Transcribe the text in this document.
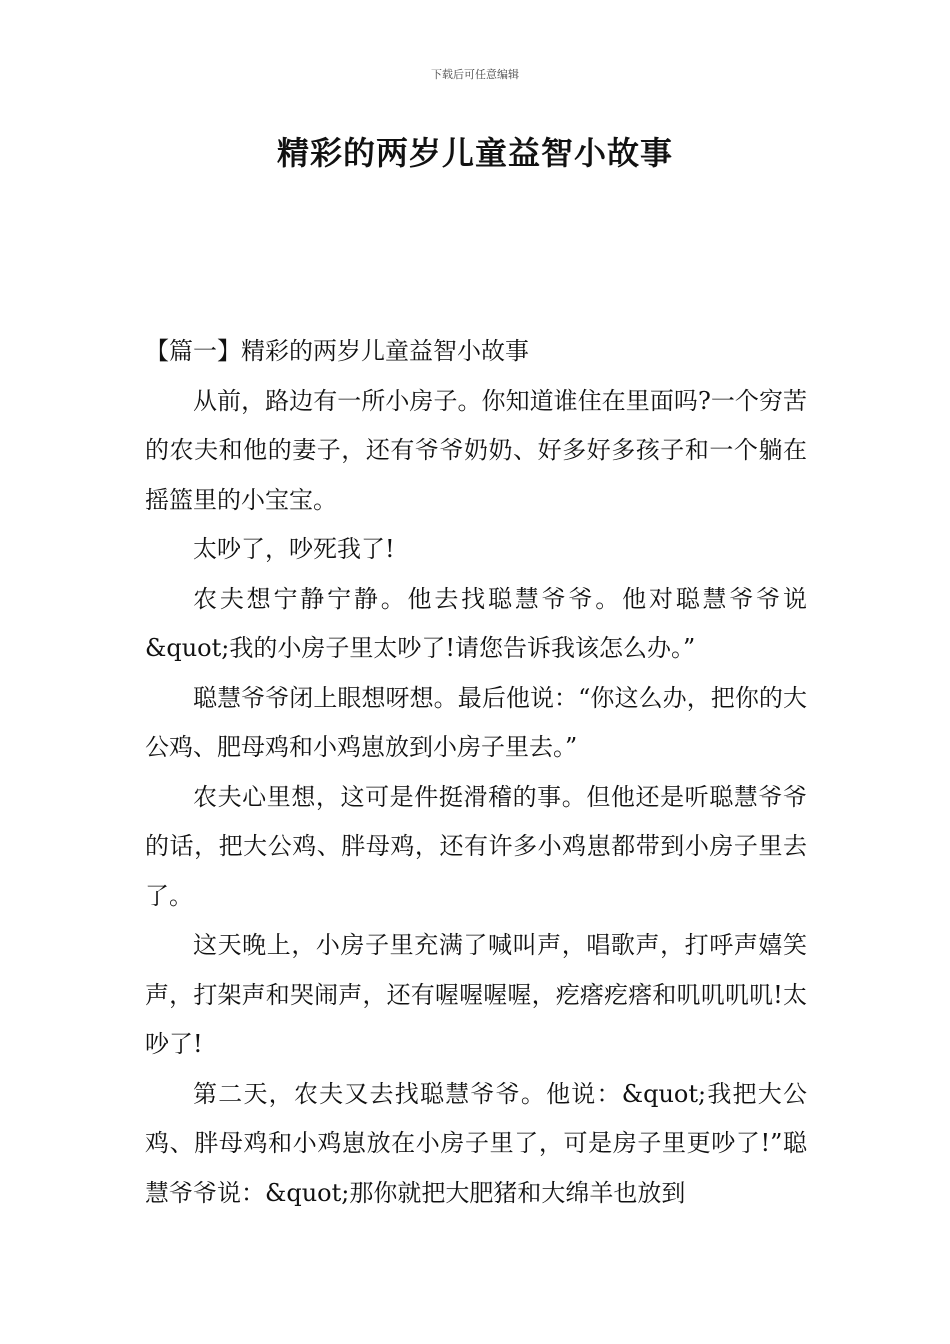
下载后可任意编辑
精彩的两岁儿童益智小故事

【篇一】精彩的两岁儿童益智小故事

从前，路边有一所小房子。你知道谁住在里面吗?一个穷苦的农夫和他的妻子，还有爷爷奶奶、好多好多孩子和一个躺在摇篮里的小宝宝。

太吵了，吵死我了!

农夫想宁静宁静。他去找聪慧爷爷。他对聪慧爷爷说&quot;我的小房子里太吵了!请您告诉我该怎么办。”

聪慧爷爷闭上眼想呀想。最后他说：“你这么办，把你的大公鸡、肥母鸡和小鸡崽放到小房子里去。”

农夫心里想，这可是件挺滑稽的事。但他还是听聪慧爷爷的话，把大公鸡、胖母鸡，还有许多小鸡崽都带到小房子里去了。

这天晚上，小房子里充满了喊叫声，唱歌声，打呼声嬉笑声，打架声和哭闹声，还有喔喔喔喔，疙瘩疙瘩和叽叽叽叽!太吵了!

第二天，农夫又去找聪慧爷爷。他说：&quot;我把大公鸡、胖母鸡和小鸡崽放在小房子里了，可是房子里更吵了!”聪慧爷爷说：&quot;那你就把大肥猪和大绵羊也放到
